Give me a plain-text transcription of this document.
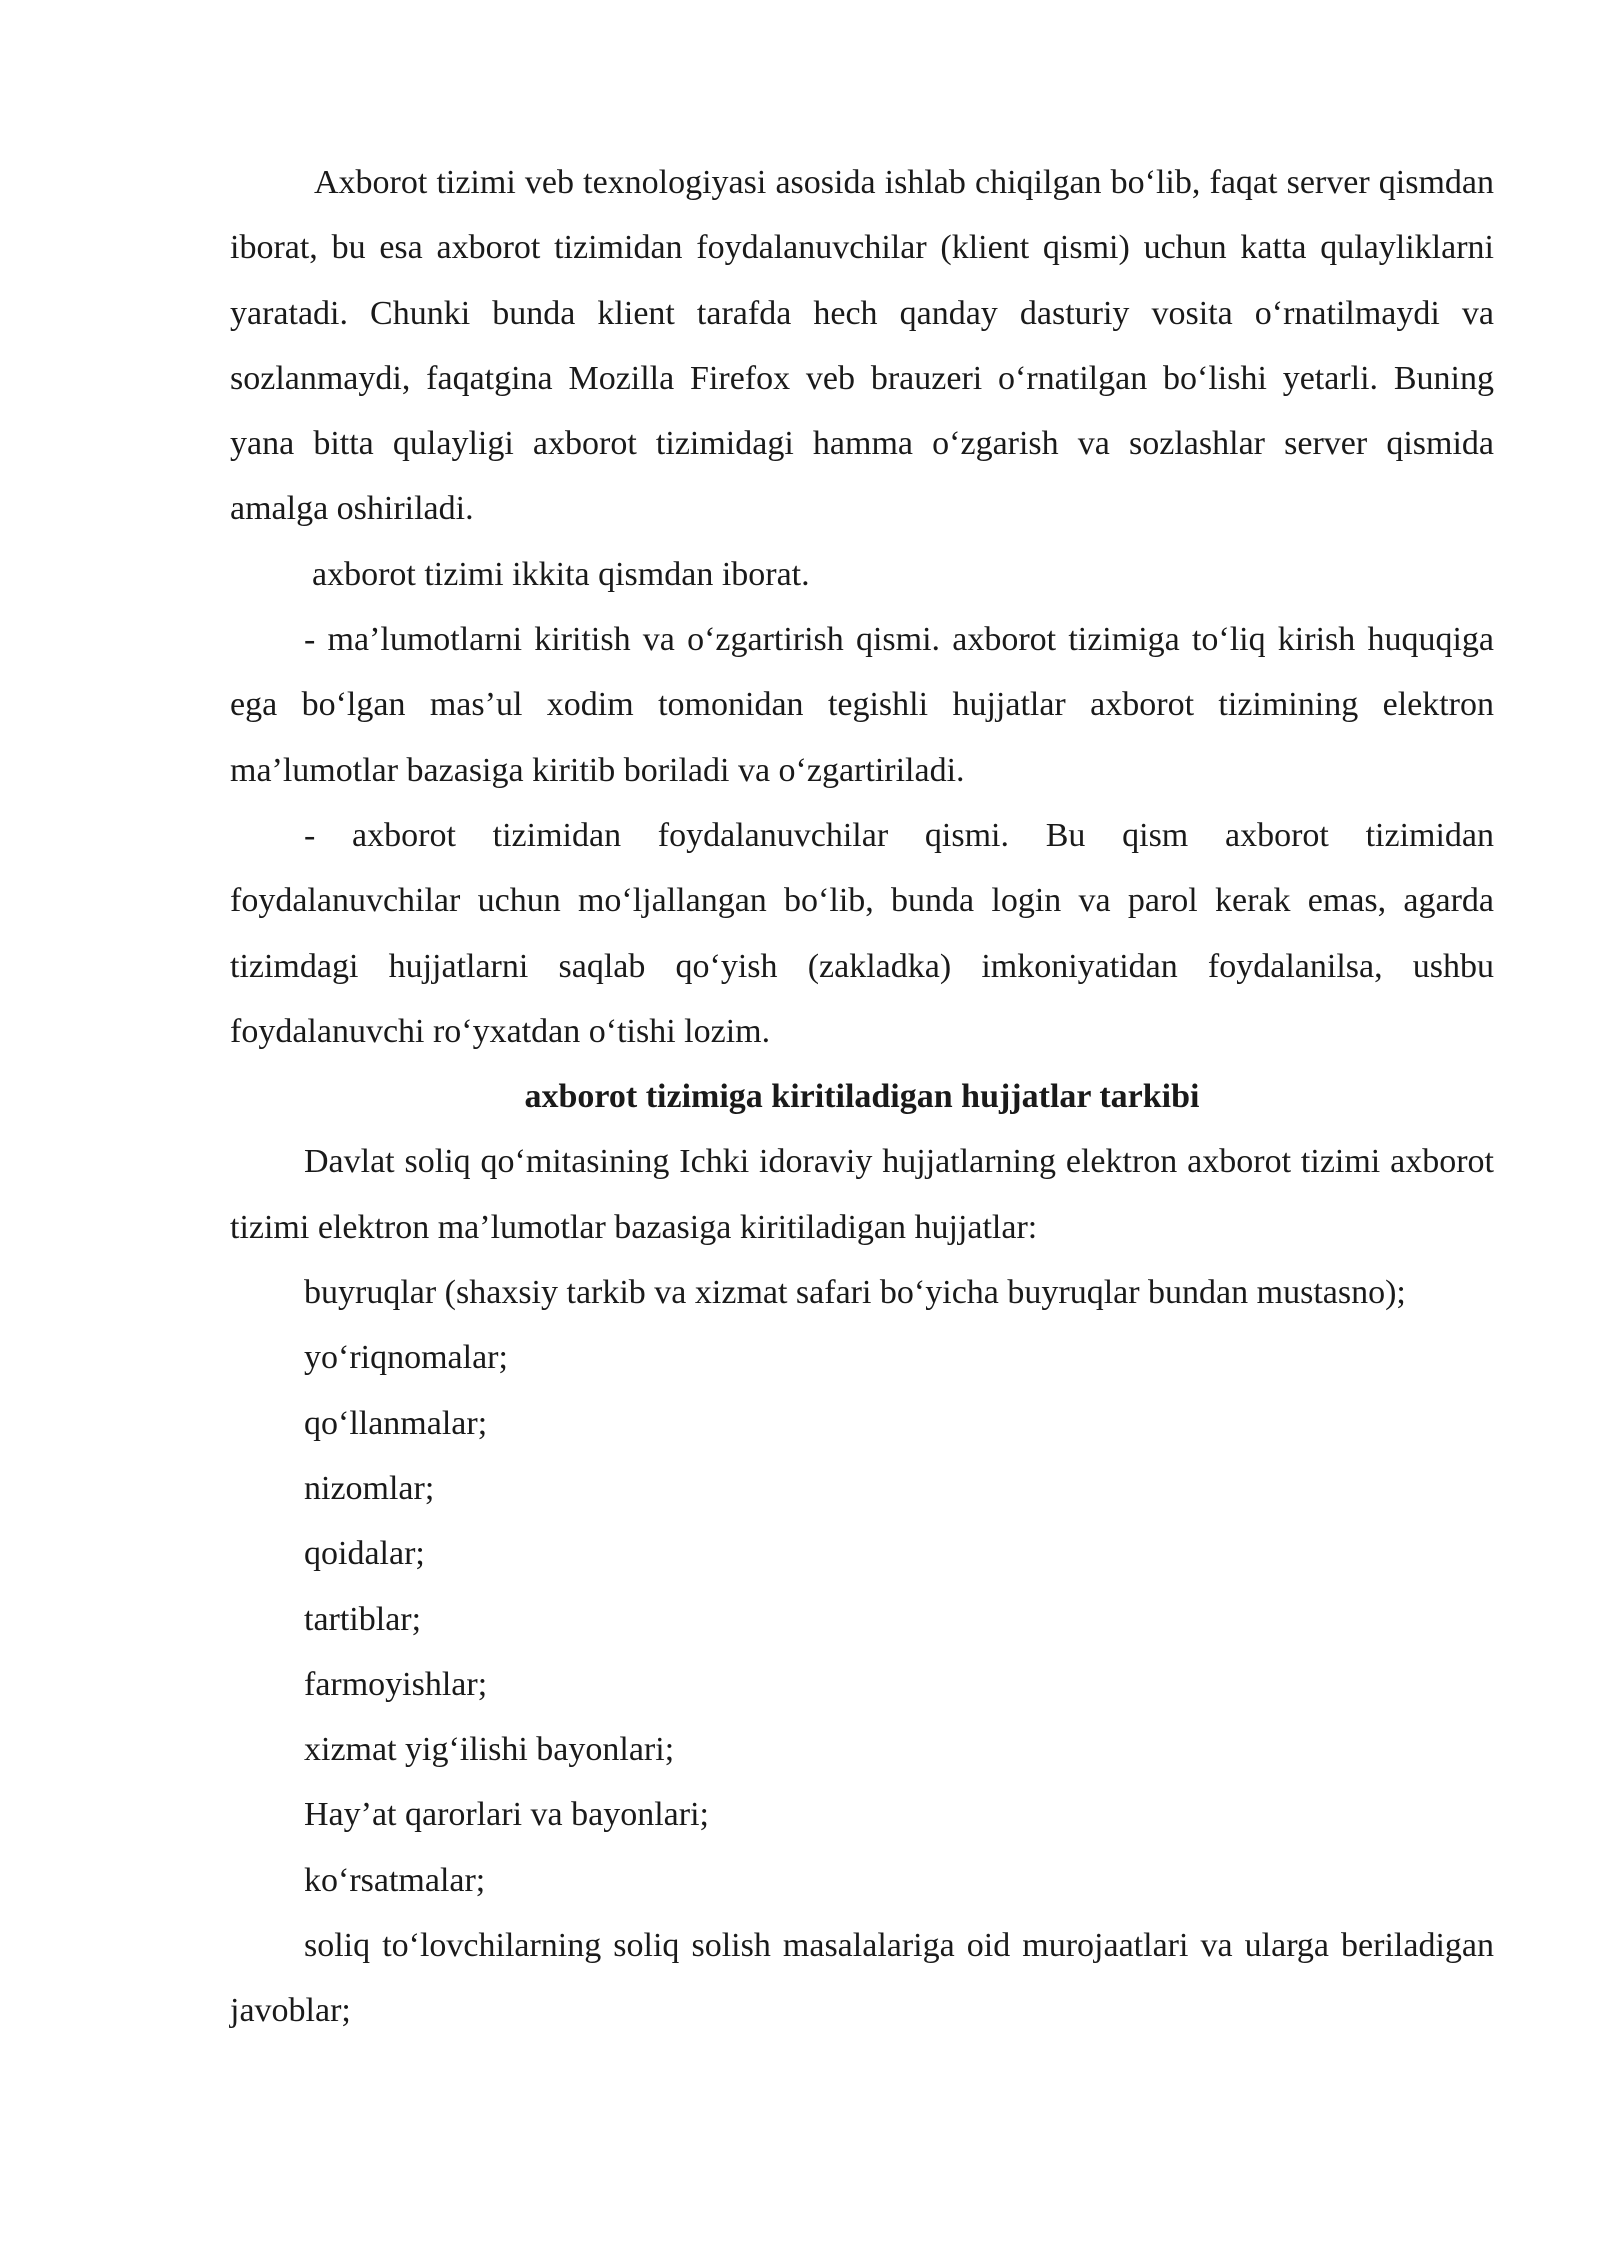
Axborot tizimi veb texnologiyasi asosida ishlab chiqilgan bo‘lib, faqat server qismdan iborat, bu esa axborot tizimidan foydalanuvchilar (klient qismi) uchun katta qulayliklarni yaratadi. Chunki bunda klient tarafda hech qanday dasturiy vosita o‘rnatilmaydi va sozlanmaydi, faqatgina Mozilla Firefox veb brauzeri o‘rnatilgan bo‘lishi yetarli. Buning yana bitta qulayligi axborot tizimidagi hamma o‘zgarish va sozlashlar server qismida amalga oshiriladi.

axborot tizimi ikkita qismdan iborat.

- ma’lumotlarni kiritish va o‘zgartirish qismi. axborot tizimiga to‘liq kirish huquqiga ega bo‘lgan mas’ul xodim tomonidan tegishli hujjatlar axborot tizimining elektron ma’lumotlar bazasiga kiritib boriladi va o‘zgartiriladi.

- axborot tizimidan foydalanuvchilar qismi. Bu qism axborot tizimidan foydalanuvchilar uchun mo‘ljallangan bo‘lib, bunda login va parol kerak emas, agarda tizimdagi hujjatlarni saqlab qo‘yish (zakladka) imkoniyatidan foydalanilsa, ushbu foydalanuvchi ro‘yxatdan o‘tishi lozim.

axborot tizimiga kiritiladigan hujjatlar tarkibi

Davlat soliq qo‘mitasining Ichki idoraviy hujjatlarning elektron axborot tizimi axborot tizimi elektron ma’lumotlar bazasiga kiritiladigan hujjatlar:

buyruqlar (shaxsiy tarkib va xizmat safari bo‘yicha buyruqlar bundan mustasno);

yo‘riqnomalar;

qo‘llanmalar;

nizomlar;

qoidalar;

tartiblar;

farmoyishlar;

xizmat yig‘ilishi bayonlari;

Hay’at qarorlari va bayonlari;

ko‘rsatmalar;

soliq to‘lovchilarning soliq solish masalalariga oid murojaatlari va ularga beriladigan javoblar;
